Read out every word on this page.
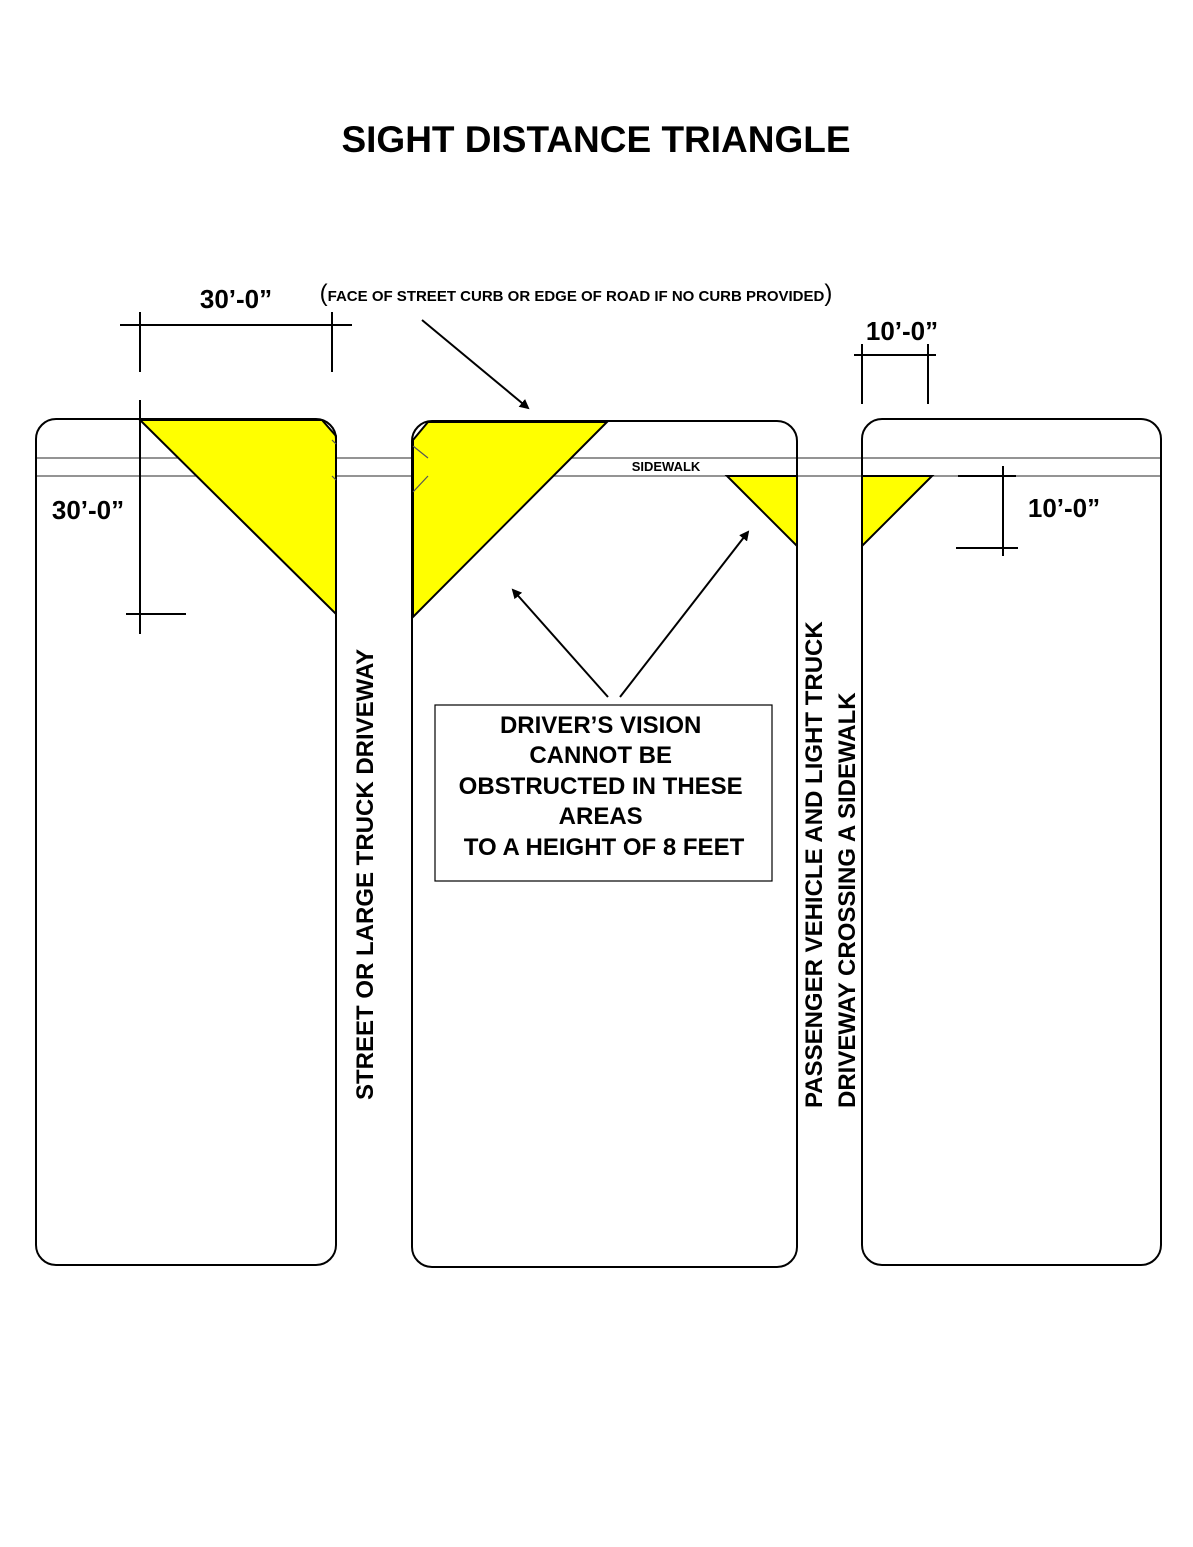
SIGHT DISTANCE TRIANGLE
SIDEWALK
30’-0”
30’-0”
10’-0”
10’-0”
(FACE OF STREET CURB OR EDGE OF ROAD IF NO CURB PROVIDED)
STREET OR LARGE TRUCK DRIVEWAY	PASSENGER VEHICLE AND LIGHT TRUCK DRIVEWAY CROSSING A SIDEWALK
DRIVER’S VISION CANNOT BE OBSTRUCTED IN THESE AREAS TO A HEIGHT OF 8 FEET
